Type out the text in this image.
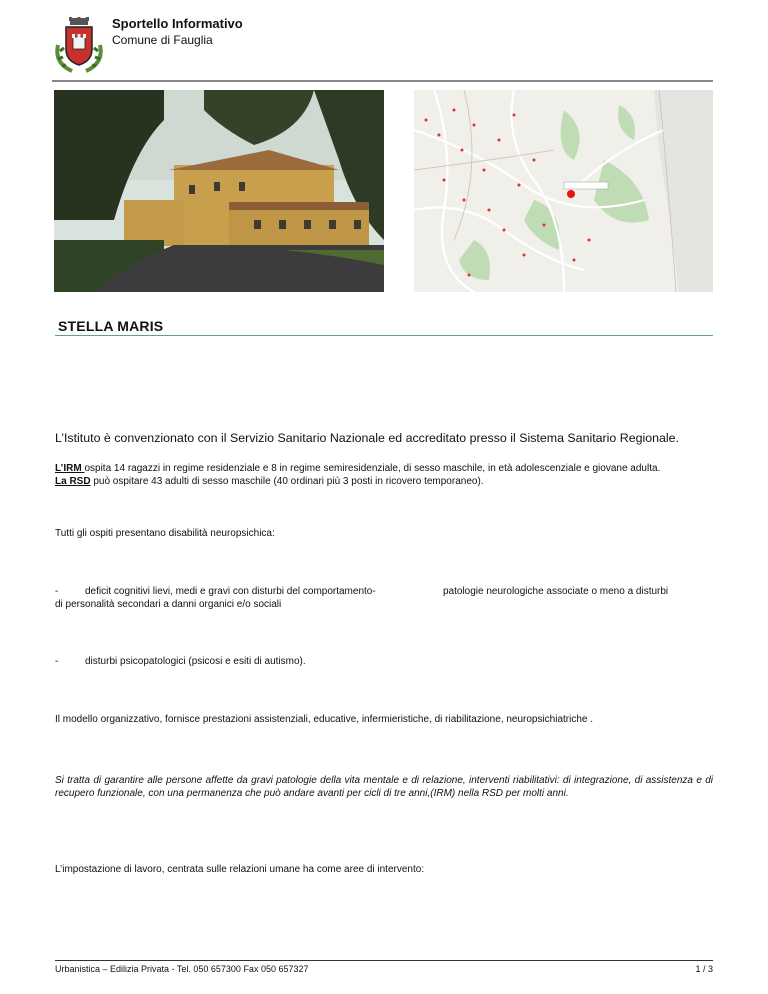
Sportello Informativo
Comune di Fauglia
STELLA MARIS
L’Istituto è convenzionato con il Servizio Sanitario Nazionale ed accreditato presso il Sistema Sanitario Regionale.
L’IRM ospita 14 ragazzi in regime residenziale e 8 in regime semiresidenziale, di sesso maschile, in età adolescenziale e giovane adulta.
La RSD può ospitare 43 adulti di sesso maschile (40 ordinari più 3 posti in ricovero temporaneo).
Tutti gli ospiti presentano disabilità neuropsichica:
-	deficit cognitivi lievi, medi e gravi con disturbi del comportamento-	patologie neurologiche associate o meno a disturbi
di personalità secondari a danni organici e/o sociali
-	disturbi psicopatologici (psicosi e esiti di autismo).
Il modello organizzativo, fornisce prestazioni assistenziali, educative, infermieristiche, di riabilitazione, neuropsichiatriche .
Si tratta di garantire alle persone affette da gravi patologie della vita mentale e di relazione, interventi riabilitativi: di integrazione, di assistenza e di recupero funzionale, con una permanenza che può andare avanti per cicli di tre anni,(IRM) nella RSD per molti anni.
L’impostazione di lavoro, centrata sulle relazioni umane ha come aree di intervento:
Urbanistica – Edilizia Privata - Tel. 050 657300 Fax 050 657327	1 / 3
